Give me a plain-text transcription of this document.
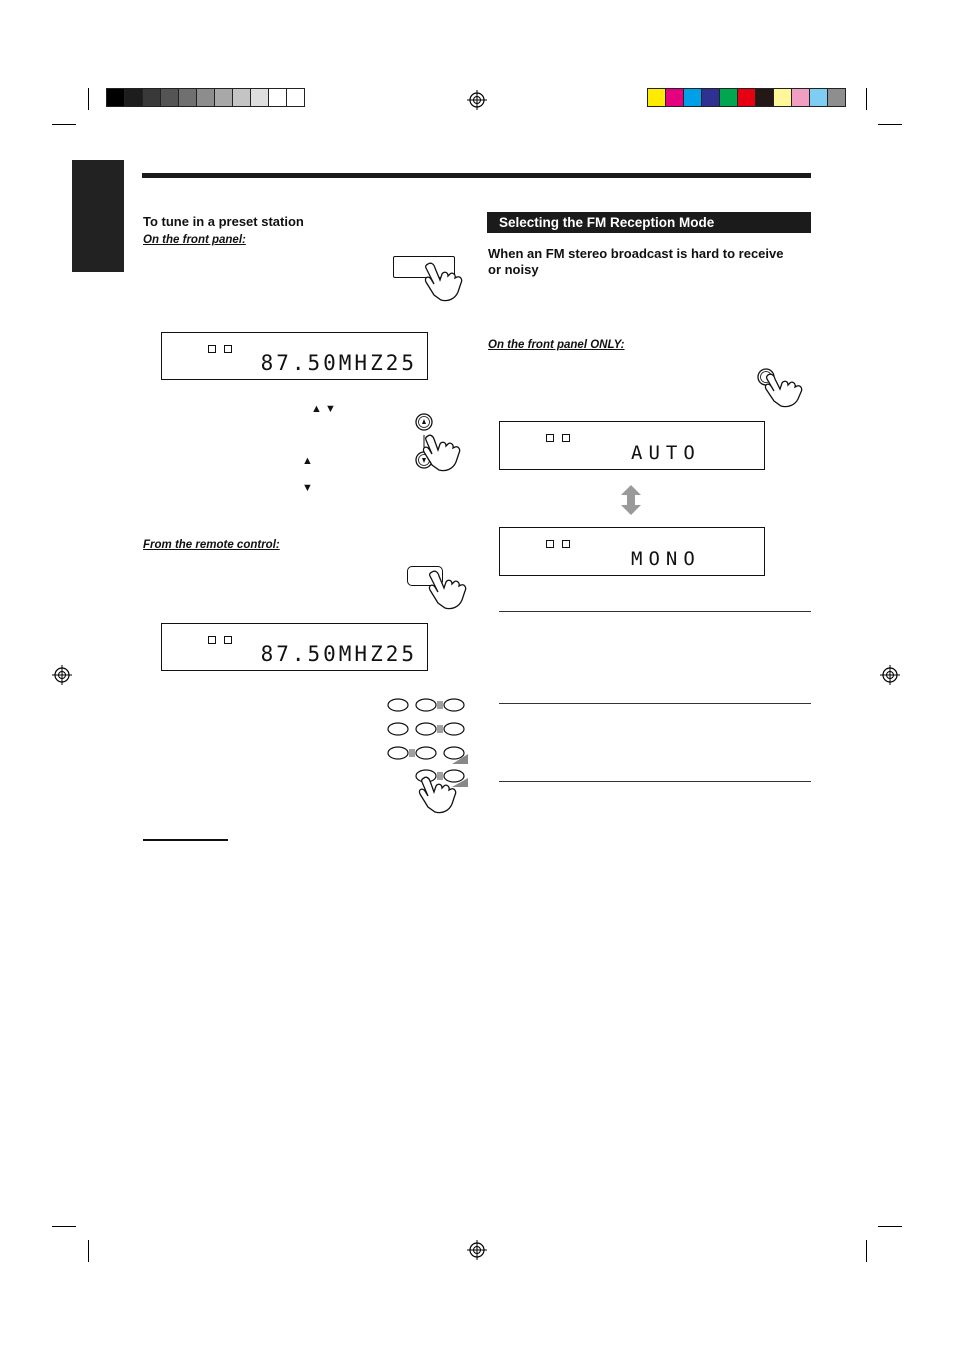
To tune in a preset station
On the front panel:
87.50MHZ25
▲ ▼
▲
▼
From the remote control:
87.50MHZ25
Selecting the FM Reception Mode
When an FM stereo broadcast is hard to receive or noisy
On the front panel ONLY:
AUTO
MONO
